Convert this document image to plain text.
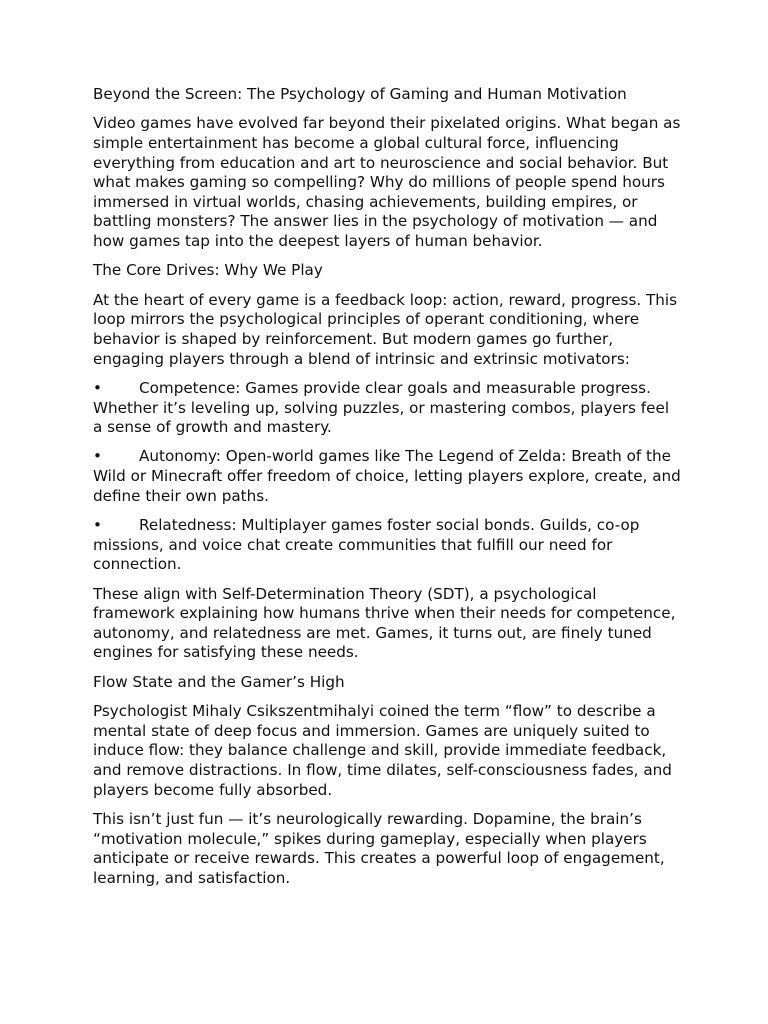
Beyond the Screen: The Psychology of Gaming and Human Motivation

Video games have evolved far beyond their pixelated origins. What began as simple entertainment has become a global cultural force, influencing everything from education and art to neuroscience and social behavior. But what makes gaming so compelling? Why do millions of people spend hours immersed in virtual worlds, chasing achievements, building empires, or battling monsters? The answer lies in the psychology of motivation — and how games tap into the deepest layers of human behavior.

The Core Drives: Why We Play

At the heart of every game is a feedback loop: action, reward, progress. This loop mirrors the psychological principles of operant conditioning, where behavior is shaped by reinforcement. But modern games go further, engaging players through a blend of intrinsic and extrinsic motivators:

• Competence: Games provide clear goals and measurable progress. Whether it’s leveling up, solving puzzles, or mastering combos, players feel a sense of growth and mastery.

• Autonomy: Open-world games like The Legend of Zelda: Breath of the Wild or Minecraft offer freedom of choice, letting players explore, create, and define their own paths.

• Relatedness: Multiplayer games foster social bonds. Guilds, co-op missions, and voice chat create communities that fulfill our need for connection.

These align with Self-Determination Theory (SDT), a psychological framework explaining how humans thrive when their needs for competence, autonomy, and relatedness are met. Games, it turns out, are finely tuned engines for satisfying these needs.

Flow State and the Gamer’s High

Psychologist Mihaly Csikszentmihalyi coined the term “flow” to describe a mental state of deep focus and immersion. Games are uniquely suited to induce flow: they balance challenge and skill, provide immediate feedback, and remove distractions. In flow, time dilates, self-consciousness fades, and players become fully absorbed.

This isn’t just fun — it’s neurologically rewarding. Dopamine, the brain’s “motivation molecule,” spikes during gameplay, especially when players anticipate or receive rewards. This creates a powerful loop of engagement, learning, and satisfaction.
